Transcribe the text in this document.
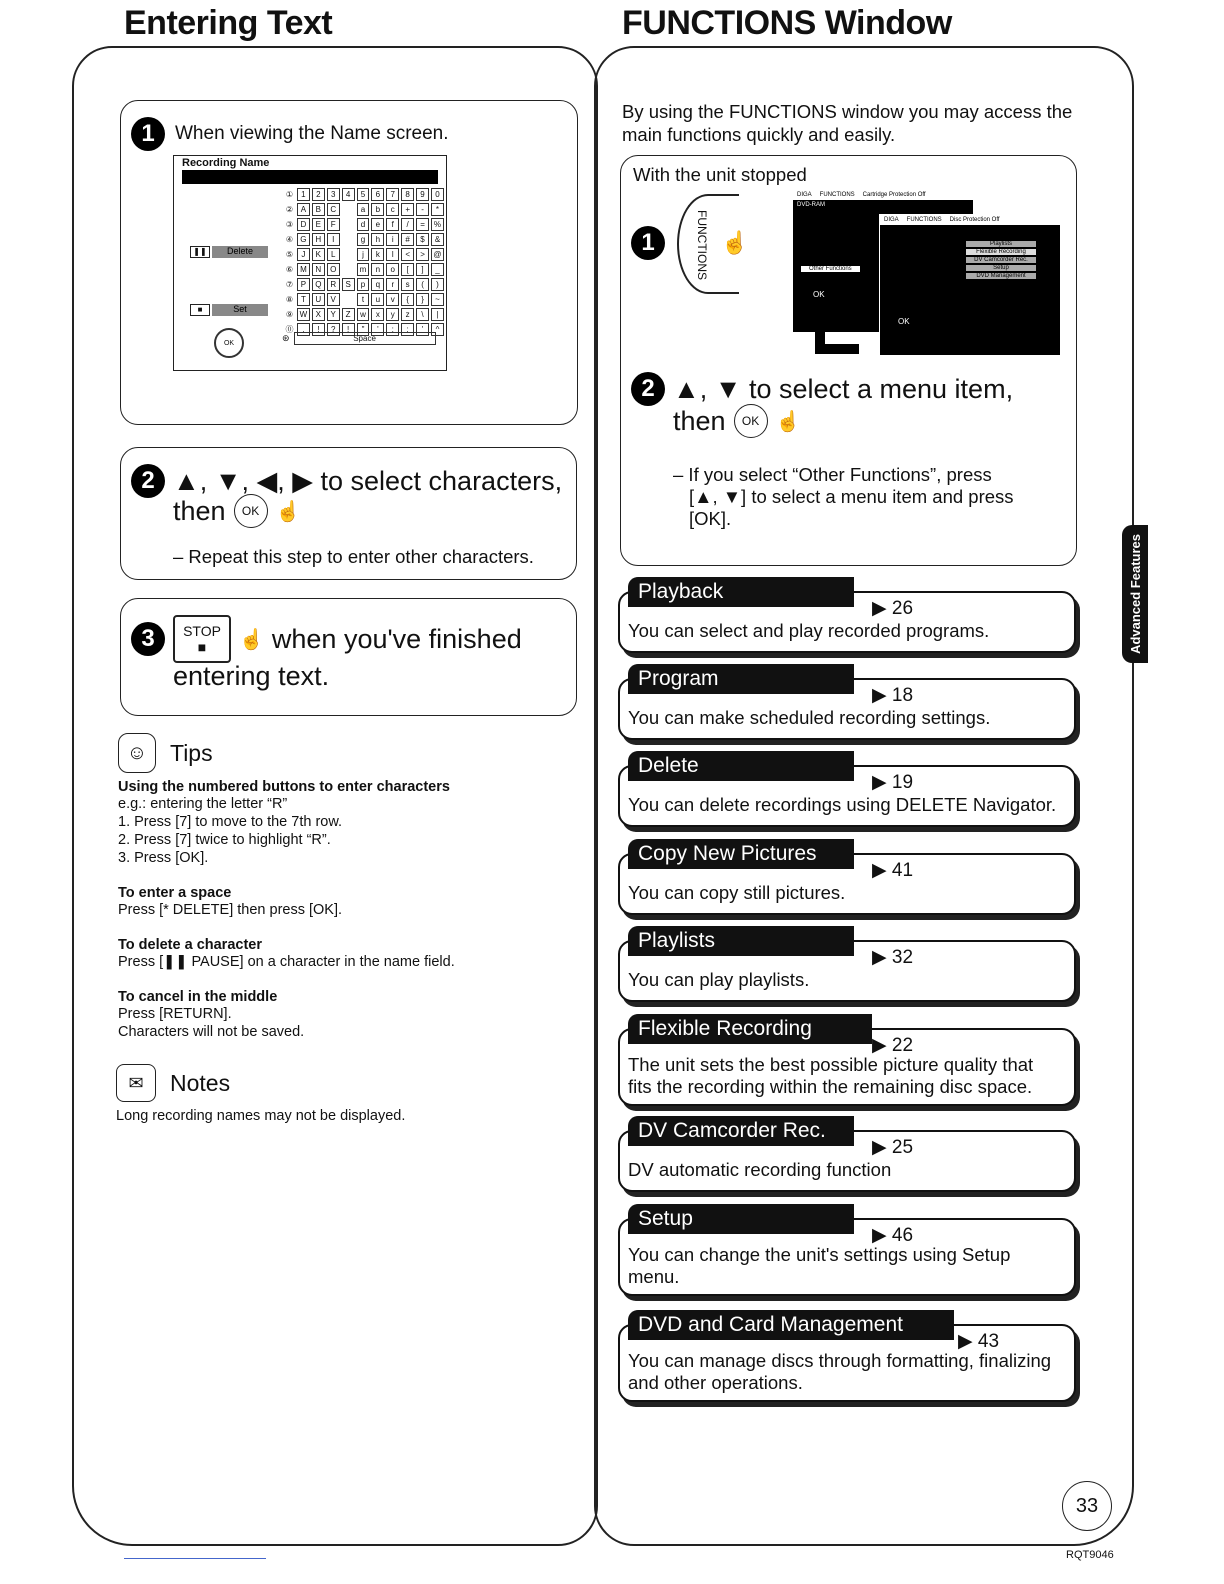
Entering Text
1	When viewing the Name screen.
Recording Name
❚❚	Delete
■	Set
OK
①	1	2	3	4	5	6	7	8	9	0
②	A	B	C		a	b	c	+	-	*
③	D	E	F		d	e	f	/	=	%
④	G	H	I		g	h	i	#	$	&
⑤	J	K	L		j	k	l	<	>	@
⑥	M	N	O		m	n	o	[	]	_
⑦	P	Q	R	S	p	q	r	s	(	)
⑧	T	U	V		t	u	v	{	}	~
⑨	W	X	Y	Z	w	x	y	z	\	|
⓪	.	!	?	!	"	'	:	;	'	^
⊛	Space
2 ▲, ▼, ◀, ▶ to select characters,
then	OK ☝
– Repeat this step to enter other characters.
3	STOP
■ ☝ when you've finished
entering text.
☺ Tips
Using the numbered buttons to enter characters
e.g.: entering the letter “R”
1. Press [7] to move to the 7th row.
2. Press [7] twice to highlight “R”.
3. Press [OK].
To enter a space
Press [* DELETE] then press [OK].
To delete a character
Press [❚❚ PAUSE] on a character in the name field.
To cancel in the middle
Press [RETURN].
Characters will not be saved.
✉	Notes
Long recording names may not be displayed.
FUNCTIONS Window
By using the FUNCTIONS window you may access the
main functions quickly and easily.
With the unit stopped
1	FUNCTIONS ☝
DIGA FUNCTIONS Cartridge Protection Off
DVD-RAM
Other Functions
OK
DIGA FUNCTIONS Disc Protection Off
Playlists
Flexible Recording
DV Camcorder Rec.
Setup
DVD Management
OK
2 ▲, ▼ to select a menu item,
then	OK ☝
– If you select “Other Functions”, press
[▲, ▼] to select a menu item and press
[OK].
Playback
▶ 26
You can select and play recorded programs.
Program
▶ 18
You can make scheduled recording settings.
Delete
▶ 19
You can delete recordings using DELETE Navigator.
Copy New Pictures
▶ 41
You can copy still pictures.
Playlists
▶ 32
You can play playlists.
Flexible Recording
▶ 22
The unit sets the best possible picture quality that
fits the recording within the remaining disc space.
DV Camcorder Rec.
▶ 25
DV automatic recording function
Setup
▶ 46
You can change the unit's settings using Setup
menu.
DVD and Card Management
▶ 43
You can manage discs through formatting, finalizing
and other operations.
Advanced Features
33
RQT9046
